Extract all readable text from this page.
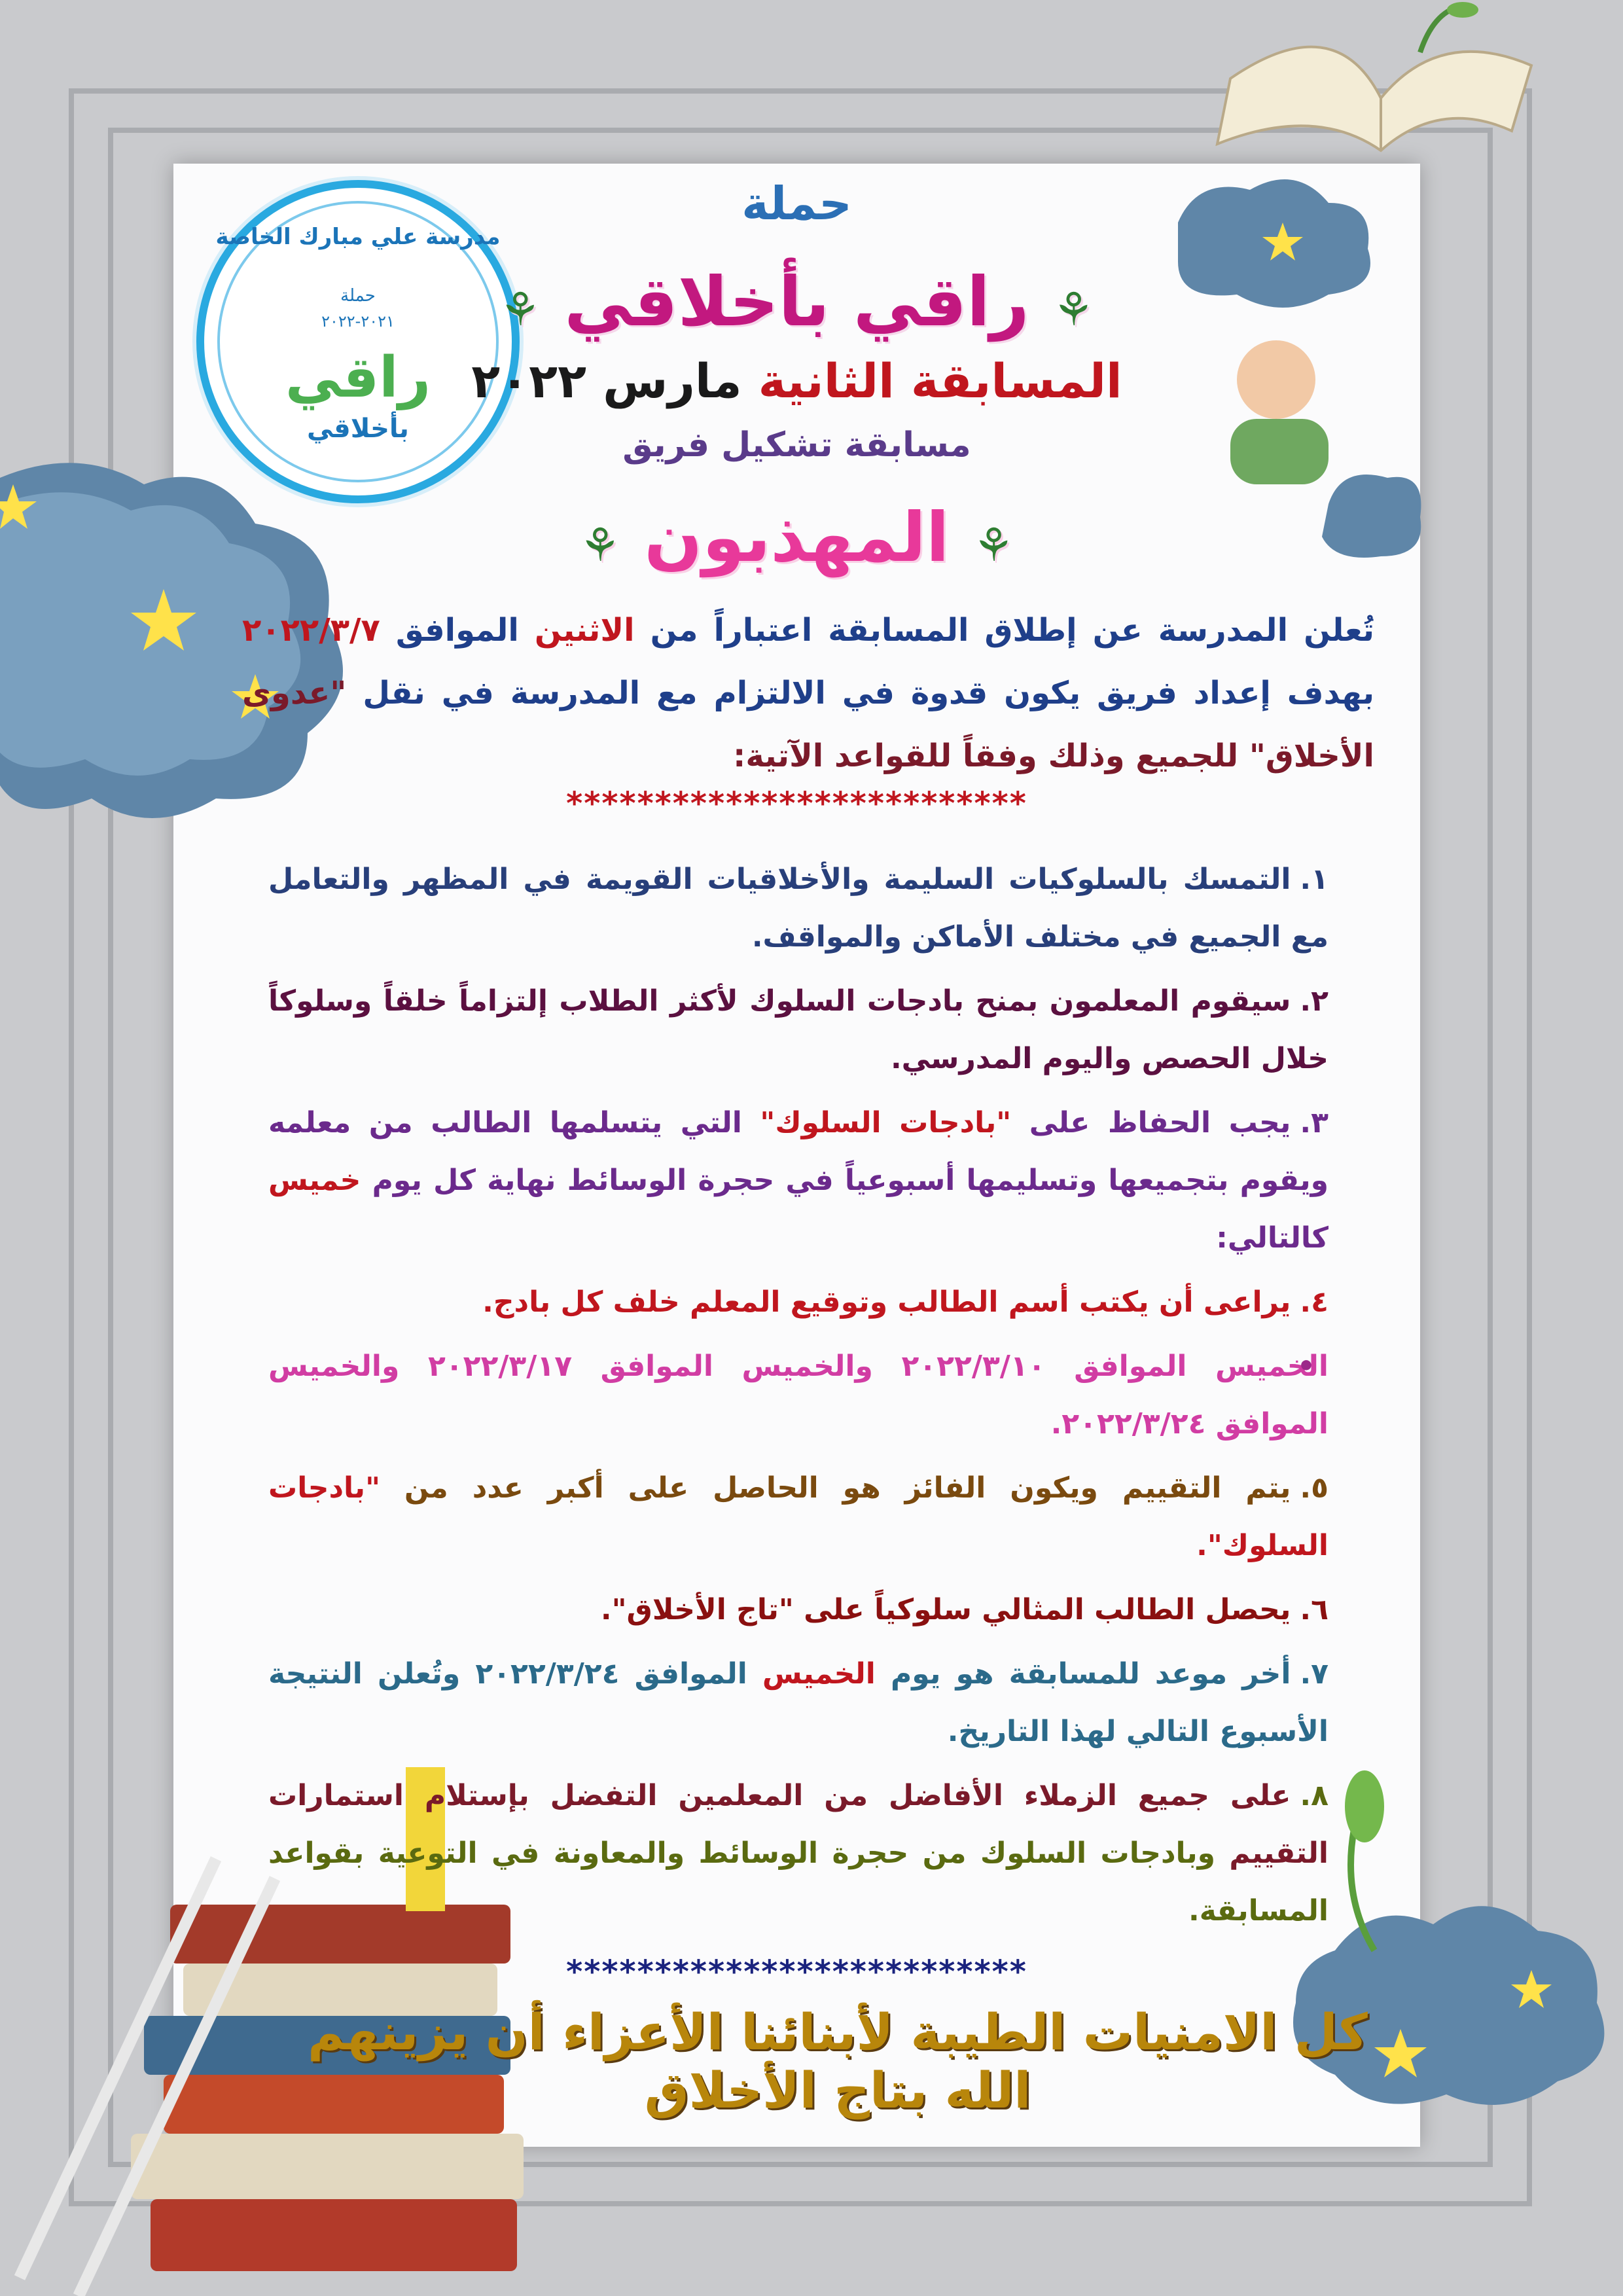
مدرسة علي مبارك الخاصة
حملة
٢٠٢١-٢٠٢٢
راقي
بأخلاقي
حملة
⚘ راقي بأخلاقي ⚘
المسابقة الثانية مارس ٢٠٢٢
مسابقة تشكيل فريق
⚘ المهذبون ⚘
تُعلن المدرسة عن إطلاق المسابقة اعتباراً من الاثنين الموافق ٢٠٢٢/٣/٧ بهدف إعداد فريق يكون قدوة في الالتزام مع المدرسة في نقل "عدوى الأخلاق" للجميع وذلك وفقاً للقواعد الآتية:
**************************
١.التمسك بالسلوكيات السليمة والأخلاقيات القويمة في المظهر والتعامل مع الجميع في مختلف الأماكن والمواقف.
٢.سيقوم المعلمون بمنح بادجات السلوك لأكثر الطلاب إلتزاماً خلقاً وسلوكاً خلال الحصص واليوم المدرسي.
٣.يجب الحفاظ على "بادجات السلوك" التي يتسلمها الطالب من معلمه ويقوم بتجميعها وتسليمها أسبوعياً في حجرة الوسائط نهاية كل يوم خميس كالتالي:
٤.يراعى أن يكتب أسم الطالب وتوقيع المعلم خلف كل بادج.
• الخميس الموافق ٢٠٢٢/٣/١٠ والخميس الموافق ٢٠٢٢/٣/١٧ والخميس الموافق ٢٠٢٢/٣/٢٤.
٥.يتم التقييم ويكون الفائز هو الحاصل على أكبر عدد من "بادجات السلوك".
٦.يحصل الطالب المثالي سلوكياً على "تاج الأخلاق".
٧.أخر موعد للمسابقة هو يوم الخميس الموافق ٢٠٢٢/٣/٢٤ وتُعلن النتيجة الأسبوع التالي لهذا التاريخ.
٨.على جميع الزملاء الأفاضل من المعلمين التفضل بإستلام استمارات التقييم وبادجات السلوك من حجرة الوسائط والمعاونة في التوعية بقواعد المسابقة.
**************************
كل الامنيات الطيبة لأبنائنا الأعزاء أن يزينهم الله بتاج الأخلاق
